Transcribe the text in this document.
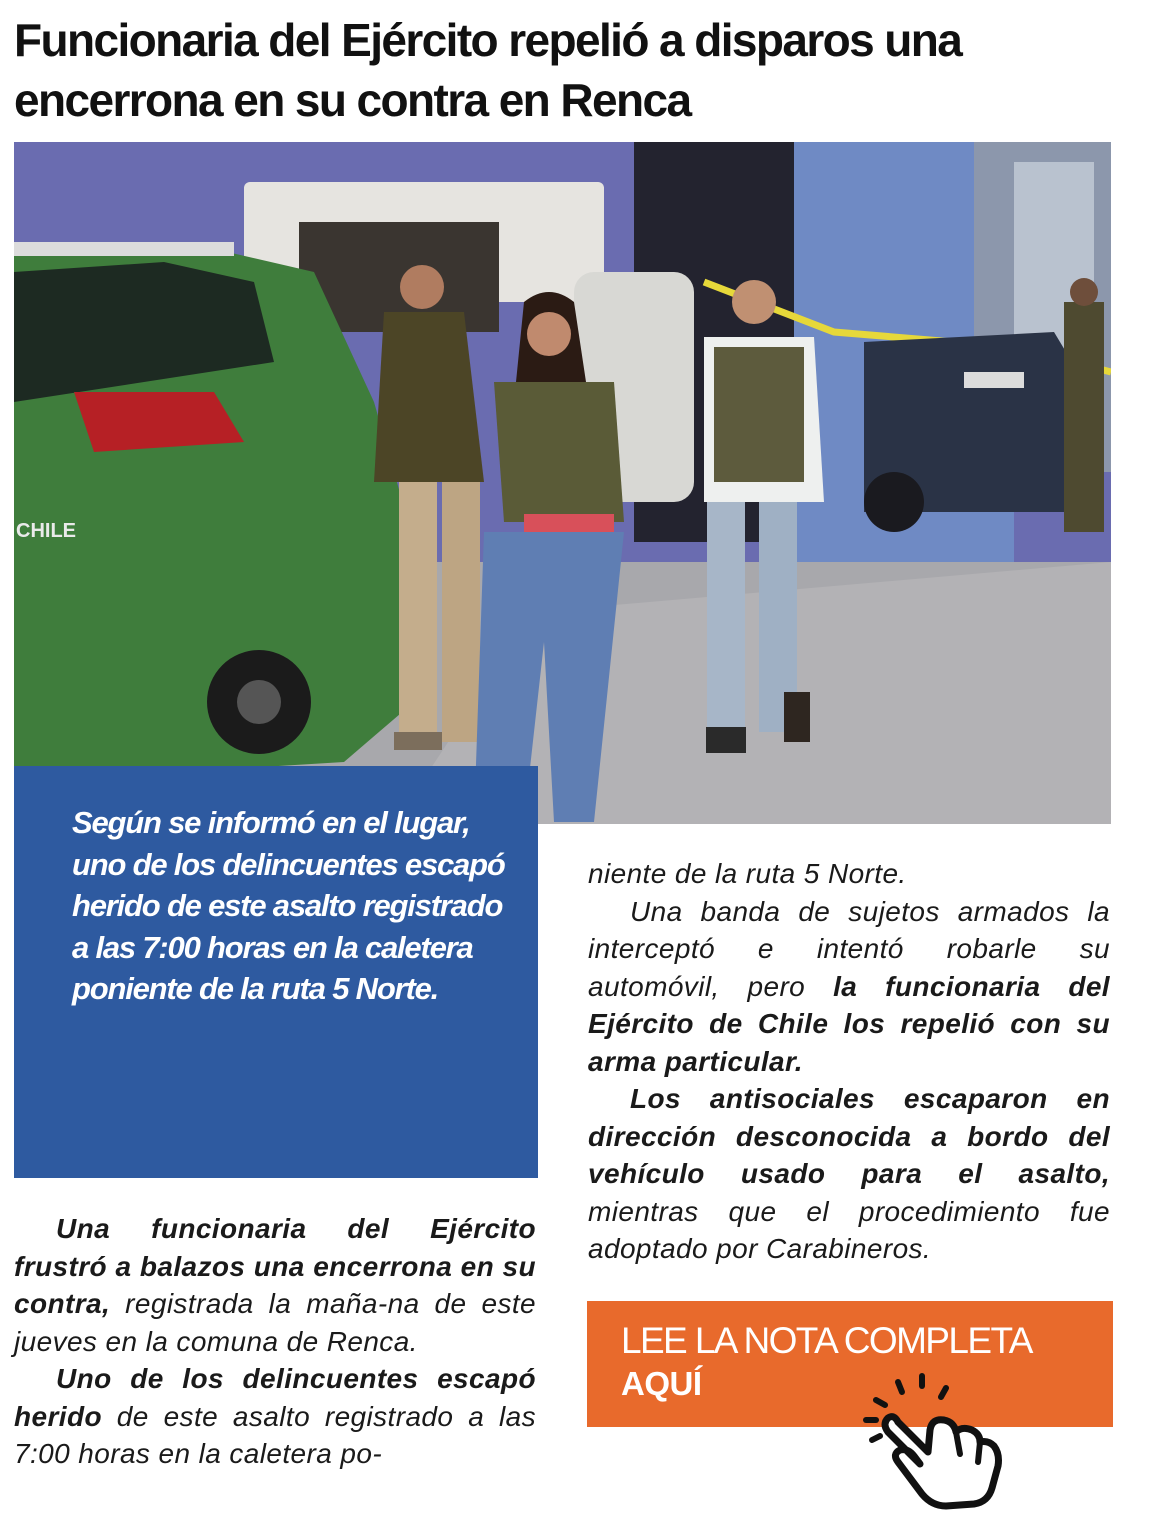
Funcionaria del Ejército repelió a disparos una encerrona en su contra en Renca
CHILE

Según se informó en el lugar, uno de los delincuentes escapó herido de este asalto registrado a las 7:00 horas en la caletera poniente de la ruta 5 Norte.

Una funcionaria del Ejército frustró a balazos una encerrona en su contra, registrada la maña-na de este jueves en la comuna de Renca.

Uno de los delincuentes escapó herido de este asalto registrado a las 7:00 horas en la caletera po-

niente de la ruta 5 Norte.

Una banda de sujetos armados la interceptó e intentó robarle su automóvil, pero la funcionaria del Ejército de Chile los repelió con su arma particular.

Los antisociales escaparon en dirección desconocida a bordo del vehículo usado para el asalto, mientras que el procedimiento fue adoptado por Carabineros.

LEE LA NOTA COMPLETA
AQUÍ
